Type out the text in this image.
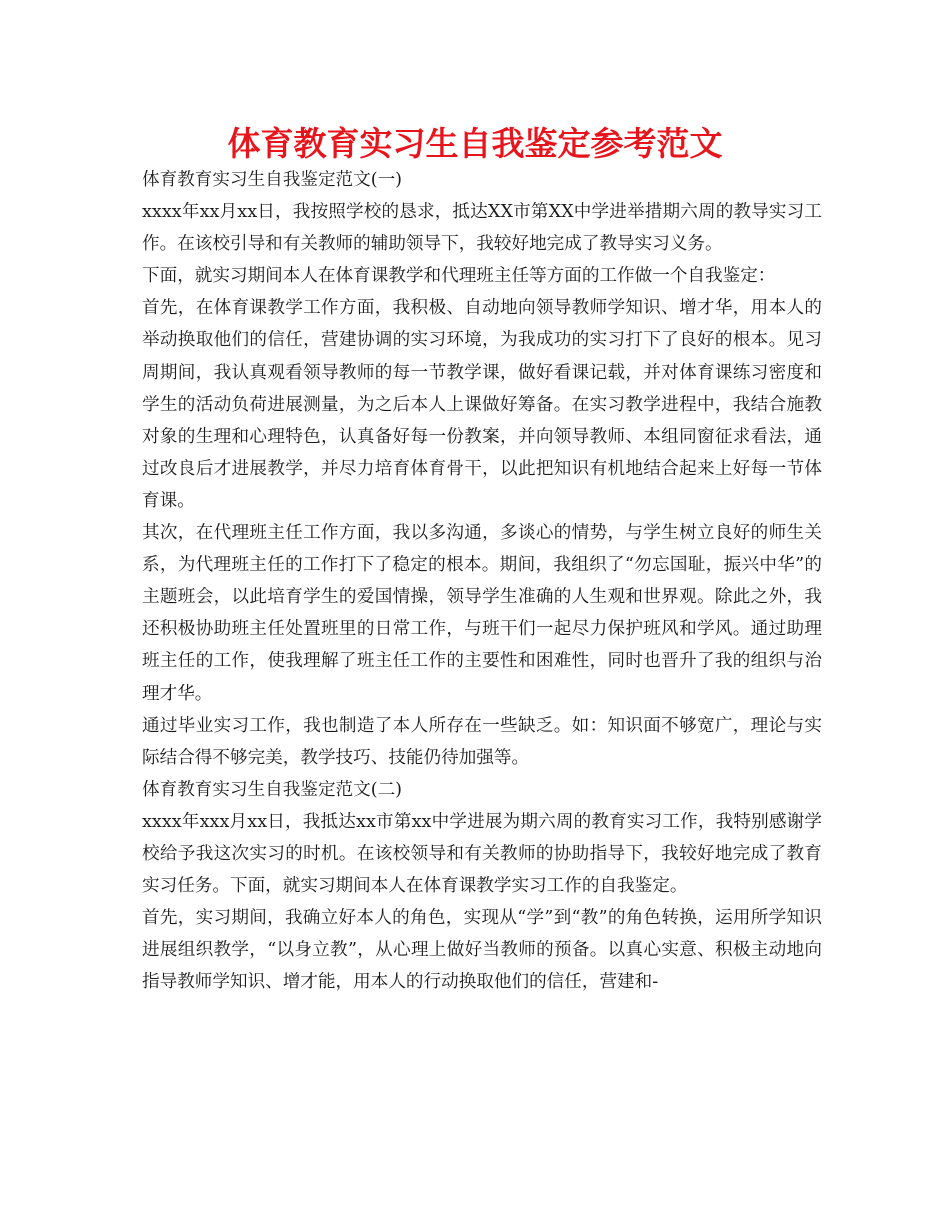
体育教育实习生自我鉴定参考范文

体育教育实习生自我鉴定范文(一)

xxxx年xx月xx日，我按照学校的恳求，抵达XX市第XX中学进举措期六周的教导实习工作。在该校引导和有关教师的辅助领导下，我较好地完成了教导实习义务。

下面，就实习期间本人在体育课教学和代理班主任等方面的工作做一个自我鉴定：

首先，在体育课教学工作方面，我积极、自动地向领导教师学知识、增才华，用本人的举动换取他们的信任，营建协调的实习环境，为我成功的实习打下了良好的根本。见习周期间，我认真观看领导教师的每一节教学课，做好看课记载，并对体育课练习密度和学生的活动负荷进展测量，为之后本人上课做好筹备。在实习教学进程中，我结合施教对象的生理和心理特色，认真备好每一份教案，并向领导教师、本组同窗征求看法，通过改良后才进展教学，并尽力培育体育骨干，以此把知识有机地结合起来上好每一节体育课。

其次，在代理班主任工作方面，我以多沟通，多谈心的情势，与学生树立良好的师生关系，为代理班主任的工作打下了稳定的根本。期间，我组织了“勿忘国耻，振兴中华”的主题班会，以此培育学生的爱国情操，领导学生准确的人生观和世界观。除此之外，我还积极协助班主任处置班里的日常工作，与班干们一起尽力保护班风和学风。通过助理班主任的工作，使我理解了班主任工作的主要性和困难性，同时也晋升了我的组织与治理才华。

通过毕业实习工作，我也制造了本人所存在一些缺乏。如：知识面不够宽广，理论与实际结合得不够完美，教学技巧、技能仍待加强等。

体育教育实习生自我鉴定范文(二)

xxxx年xxx月xx日，我抵达xx市第xx中学进展为期六周的教育实习工作，我特别感谢学校给予我这次实习的时机。在该校领导和有关教师的协助指导下，我较好地完成了教育实习任务。下面，就实习期间本人在体育课教学实习工作的自我鉴定。

首先，实习期间，我确立好本人的角色，实现从“学”到“教”的角色转换，运用所学知识进展组织教学，“以身立教”，从心理上做好当教师的预备。以真心实意、积极主动地向指导教师学知识、增才能，用本人的行动换取他们的信任，营建和-
